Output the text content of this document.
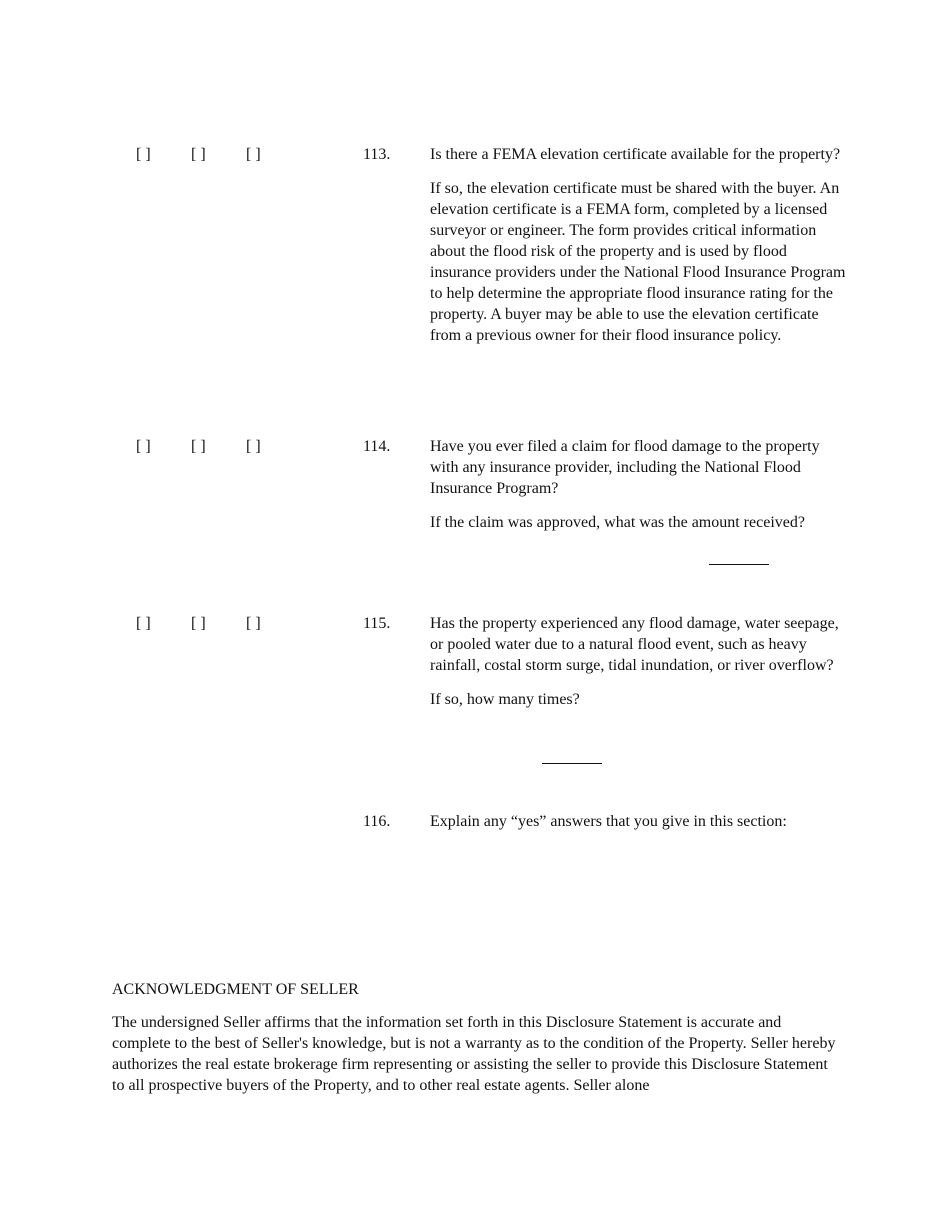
[ ]	[ ]	[ ]	113. Is there a FEMA elevation certificate available for the property?

If so, the elevation certificate must be shared with the buyer. An elevation certificate is a FEMA form, completed by a licensed surveyor or engineer. The form provides critical information about the flood risk of the property and is used by flood insurance providers under the National Flood Insurance Program to help determine the appropriate flood insurance rating for the property. A buyer may be able to use the elevation certificate from a previous owner for their flood insurance policy.

[ ]	[ ]	[ ]	114. Have you ever filed a claim for flood damage to the property with any insurance provider, including the National Flood Insurance Program?

If the claim was approved, what was the amount received?

[ ]	[ ]	[ ]	115. Has the property experienced any flood damage, water seepage, or pooled water due to a natural flood event, such as heavy rainfall, costal storm surge, tidal inundation, or river overflow?

If so, how many times?

116. Explain any “yes” answers that you give in this section:

ACKNOWLEDGMENT OF SELLER

The undersigned Seller affirms that the information set forth in this Disclosure Statement is accurate and complete to the best of Seller's knowledge, but is not a warranty as to the condition of the Property. Seller hereby authorizes the real estate brokerage firm representing or assisting the seller to provide this Disclosure Statement to all prospective buyers of the Property, and to other real estate agents. Seller alone
